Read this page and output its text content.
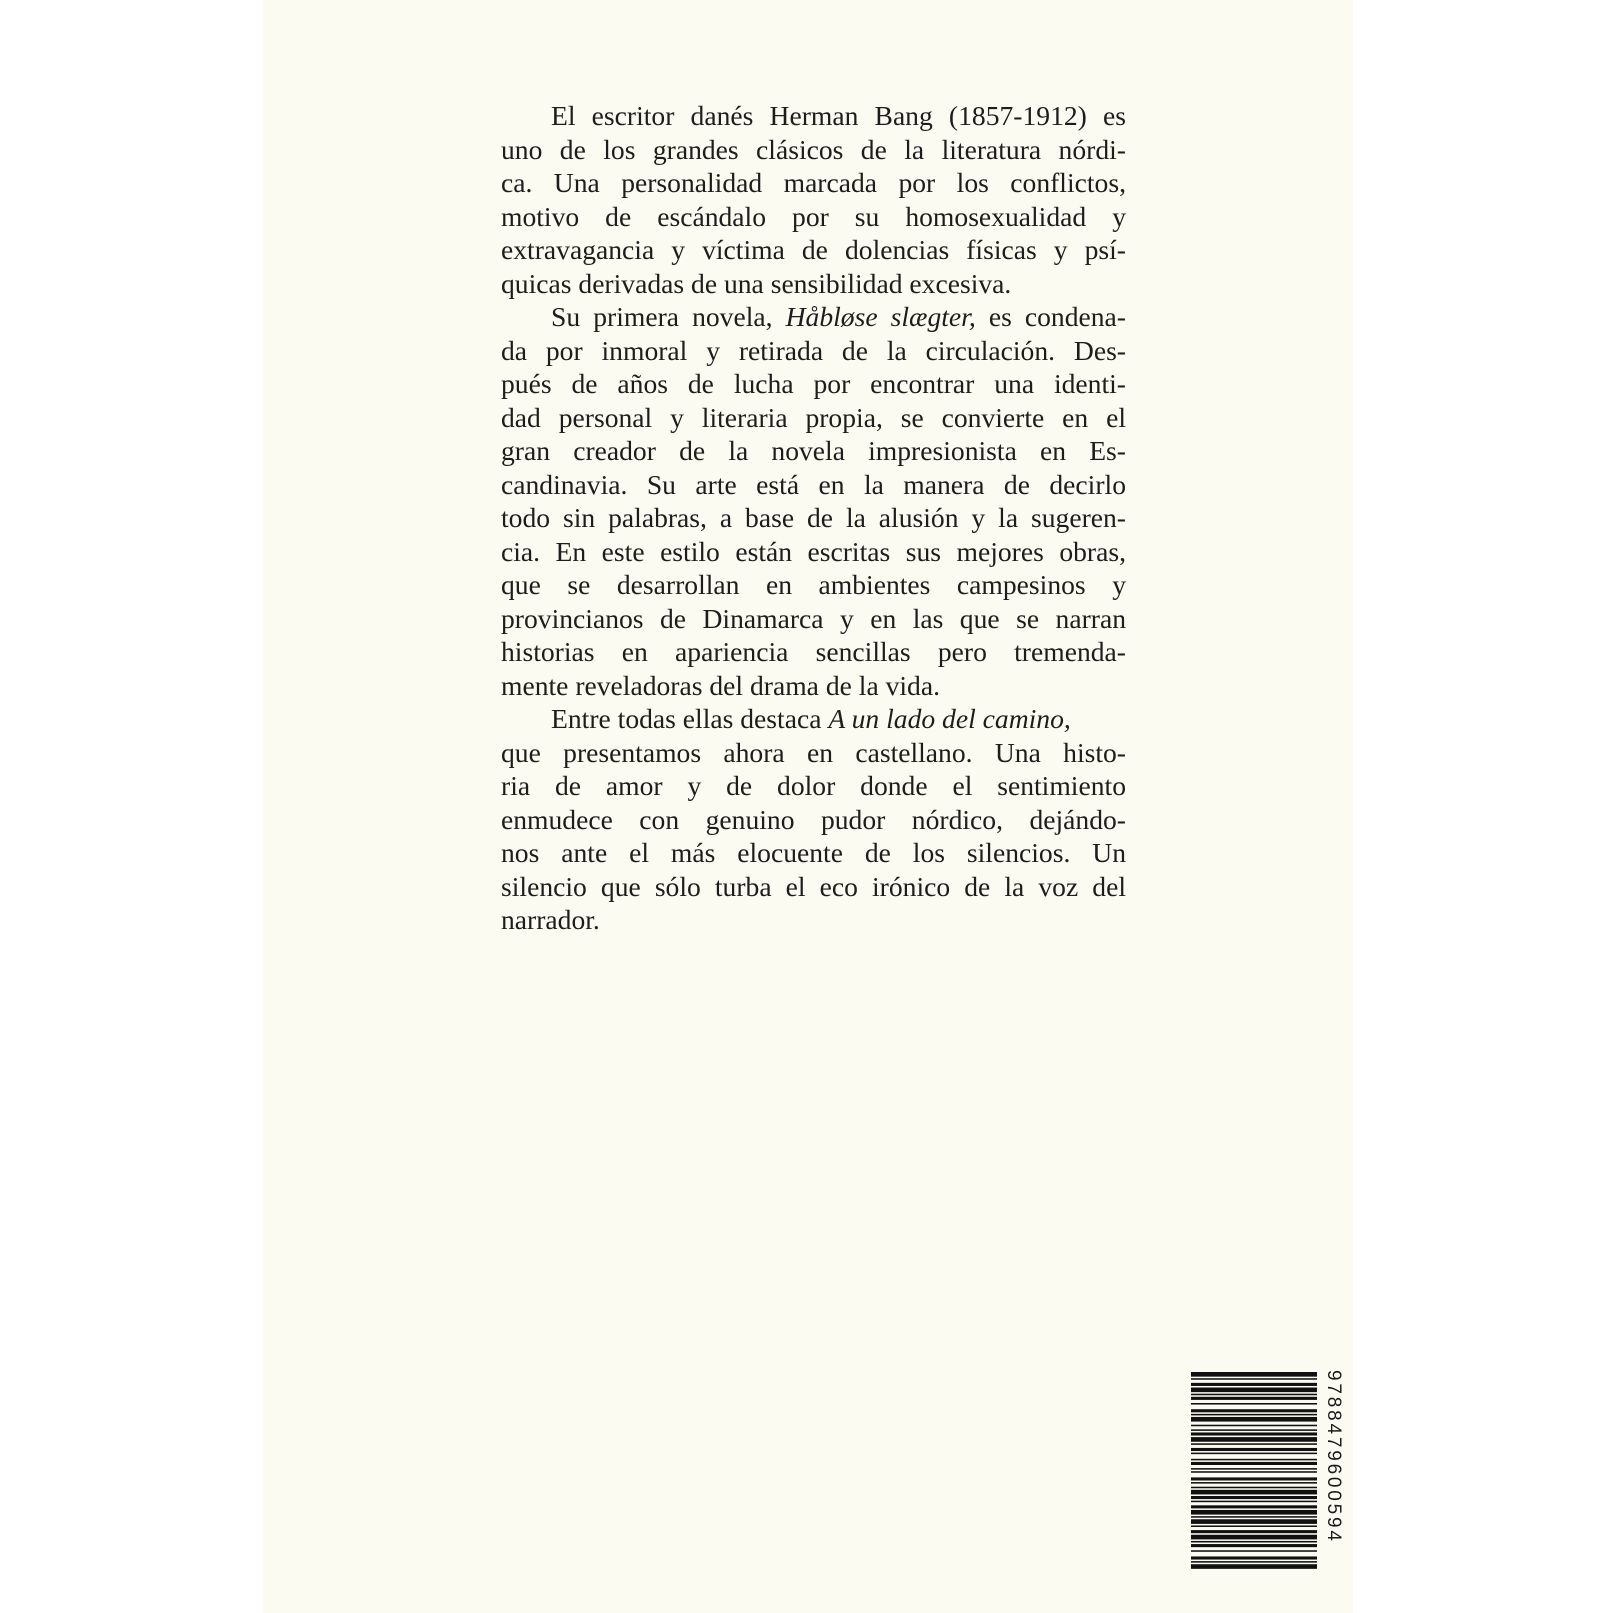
El escritor danés Herman Bang (1857-1912) es
uno de los grandes clásicos de la literatura nórdi-
ca. Una personalidad marcada por los conflictos,
motivo de escándalo por su homosexualidad y
extravagancia y víctima de dolencias físicas y psí-
quicas derivadas de una sensibilidad excesiva.
Su primera novela, Håbløse slægter, es condena-
da por inmoral y retirada de la circulación. Des-
pués de años de lucha por encontrar una identi-
dad personal y literaria propia, se convierte en el
gran creador de la novela impresionista en Es-
candinavia. Su arte está en la manera de decirlo
todo sin palabras, a base de la alusión y la sugeren-
cia. En este estilo están escritas sus mejores obras,
que se desarrollan en ambientes campesinos y
provincianos de Dinamarca y en las que se narran
historias en apariencia sencillas pero tremenda-
mente reveladoras del drama de la vida.
Entre todas ellas destaca A un lado del camino,
que presentamos ahora en castellano. Una histo-
ria de amor y de dolor donde el sentimiento
enmudece con genuino pudor nórdico, dejándo-
nos ante el más elocuente de los silencios. Un
silencio que sólo turba el eco irónico de la voz del
narrador.
9788479600594
